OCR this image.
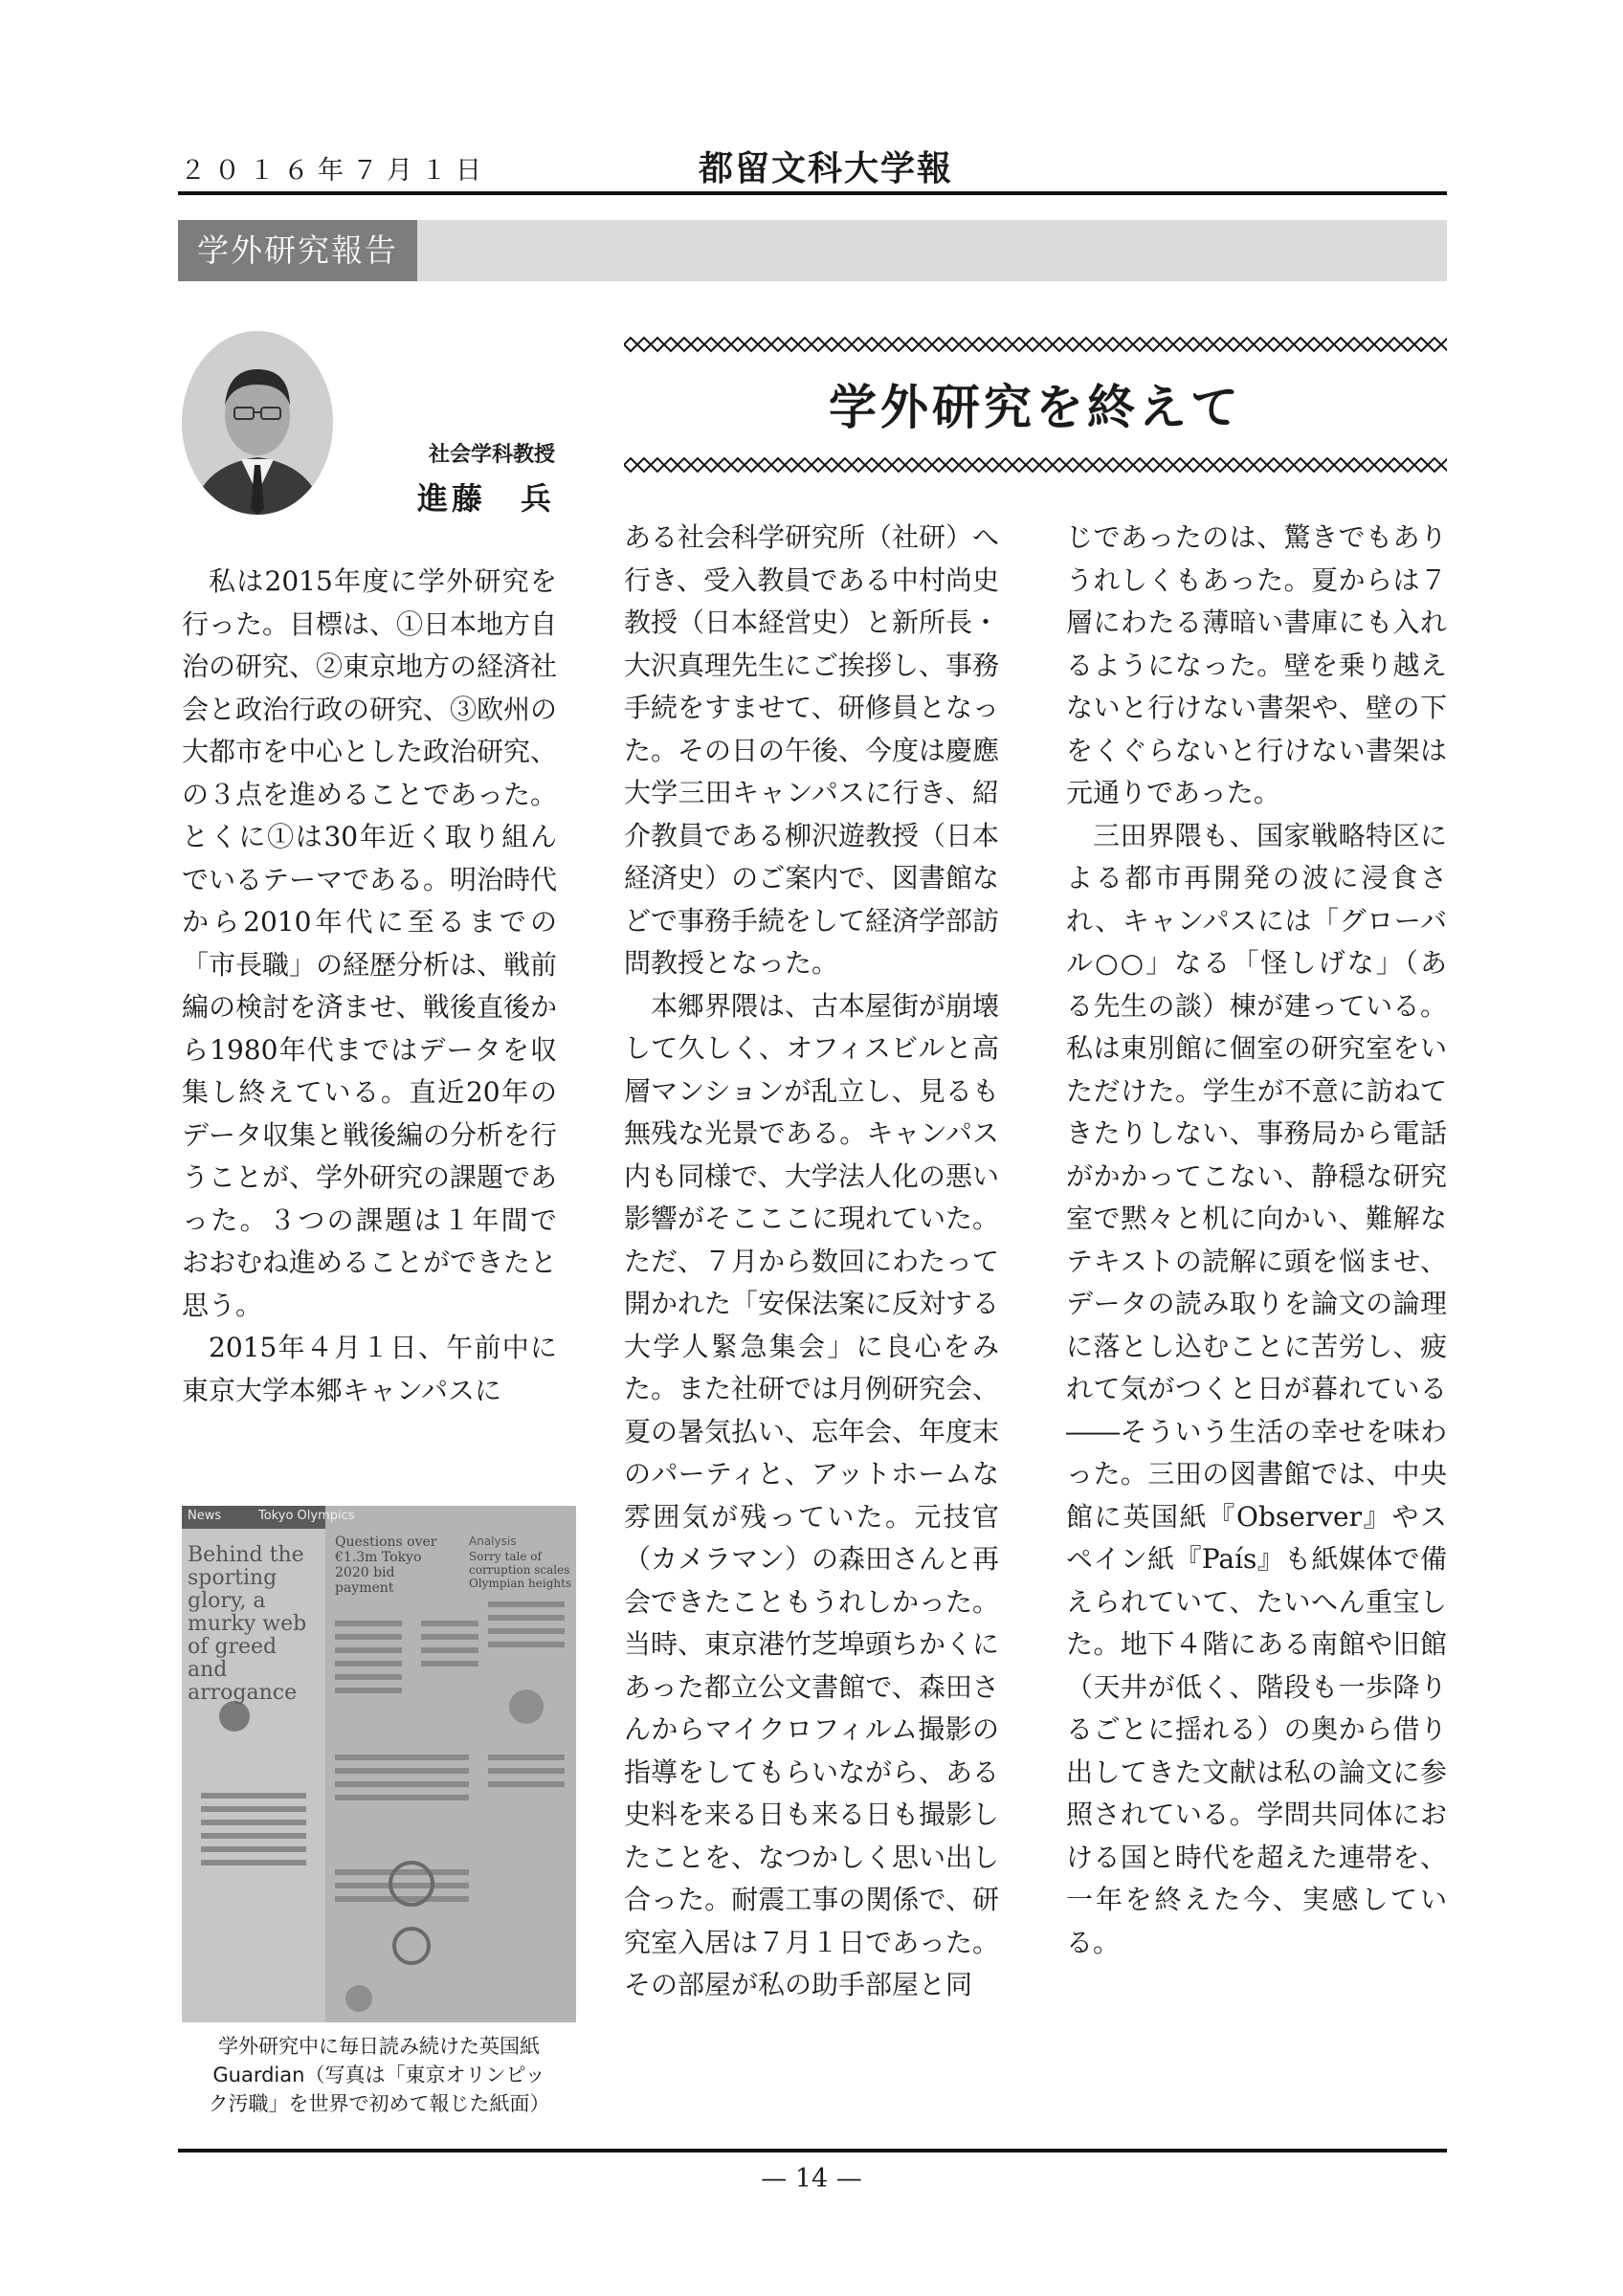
２０１６年７月１日	都留文科大学報
学外研究報告
学外研究を終えて
社会学科教授
進藤　兵

私は2015年度に学外研究を行った。目標は、①日本地方自治の研究、②東京地方の経済社会と政治行政の研究、③欧州の大都市を中心とした政治研究、の３点を進めることであった。とくに①は30年近く取り組んでいるテーマである。明治時代から2010年代に至るまでの「市長職」の経歴分析は、戦前編の検討を済ませ、戦後直後から1980年代まではデータを収集し終えている。直近20年のデータ収集と戦後編の分析を行うことが、学外研究の課題であった。３つの課題は１年間でおおむね進めることができたと思う。

2015年４月１日、午前中に東京大学本郷キャンパスに

News	Tokyo Olympics
Behind the sporting glory, a murky web of greed and arrogance
Questions over €1.3m Tokyo 2020 bid payment
Analysis
Sorry tale of corruption scales Olympian heights
学外研究中に毎日読み続けた英国紙
Guardian（写真は「東京オリンピッ
ク汚職」を世界で初めて報じた紙面）

ある社会科学研究所（社研）へ行き、受入教員である中村尚史教授（日本経営史）と新所長・大沢真理先生にご挨拶し、事務手続をすませて、研修員となった。その日の午後、今度は慶應大学三田キャンパスに行き、紹介教員である柳沢遊教授（日本経済史）のご案内で、図書館などで事務手続をして経済学部訪問教授となった。

本郷界隈は、古本屋街が崩壊して久しく、オフィスビルと高層マンションが乱立し、見るも無残な光景である。キャンパス内も同様で、大学法人化の悪い影響がそこここに現れていた。ただ、７月から数回にわたって開かれた「安保法案に反対する大学人緊急集会」に良心をみた。また社研では月例研究会、夏の暑気払い、忘年会、年度末のパーティと、アットホームな雰囲気が残っていた。元技官（カメラマン）の森田さんと再会できたこともうれしかった。当時、東京港竹芝埠頭ちかくにあった都立公文書館で、森田さんからマイクロフィルム撮影の指導をしてもらいながら、ある史料を来る日も来る日も撮影したことを、なつかしく思い出し合った。耐震工事の関係で、研究室入居は７月１日であった。その部屋が私の助手部屋と同

じであったのは、驚きでもありうれしくもあった。夏からは７層にわたる薄暗い書庫にも入れるようになった。壁を乗り越えないと行けない書架や、壁の下をくぐらないと行けない書架は元通りであった。

三田界隈も、国家戦略特区による都市再開発の波に浸食され、キャンパスには「グローバル○○」なる「怪しげな」（ある先生の談）棟が建っている。私は東別館に個室の研究室をいただけた。学生が不意に訪ねてきたりしない、事務局から電話がかかってこない、静穏な研究室で黙々と机に向かい、難解なテキストの読解に頭を悩ませ、データの読み取りを論文の論理に落とし込むことに苦労し、疲れて気がつくと日が暮れている――そういう生活の幸せを味わった。三田の図書館では、中央館に英国紙『Observer』やスペイン紙『País』も紙媒体で備えられていて、たいへん重宝した。地下４階にある南館や旧館（天井が低く、階段も一歩降りるごとに揺れる）の奥から借り出してきた文献は私の論文に参照されている。学問共同体における国と時代を超えた連帯を、一年を終えた今、実感している。

— 14 —
